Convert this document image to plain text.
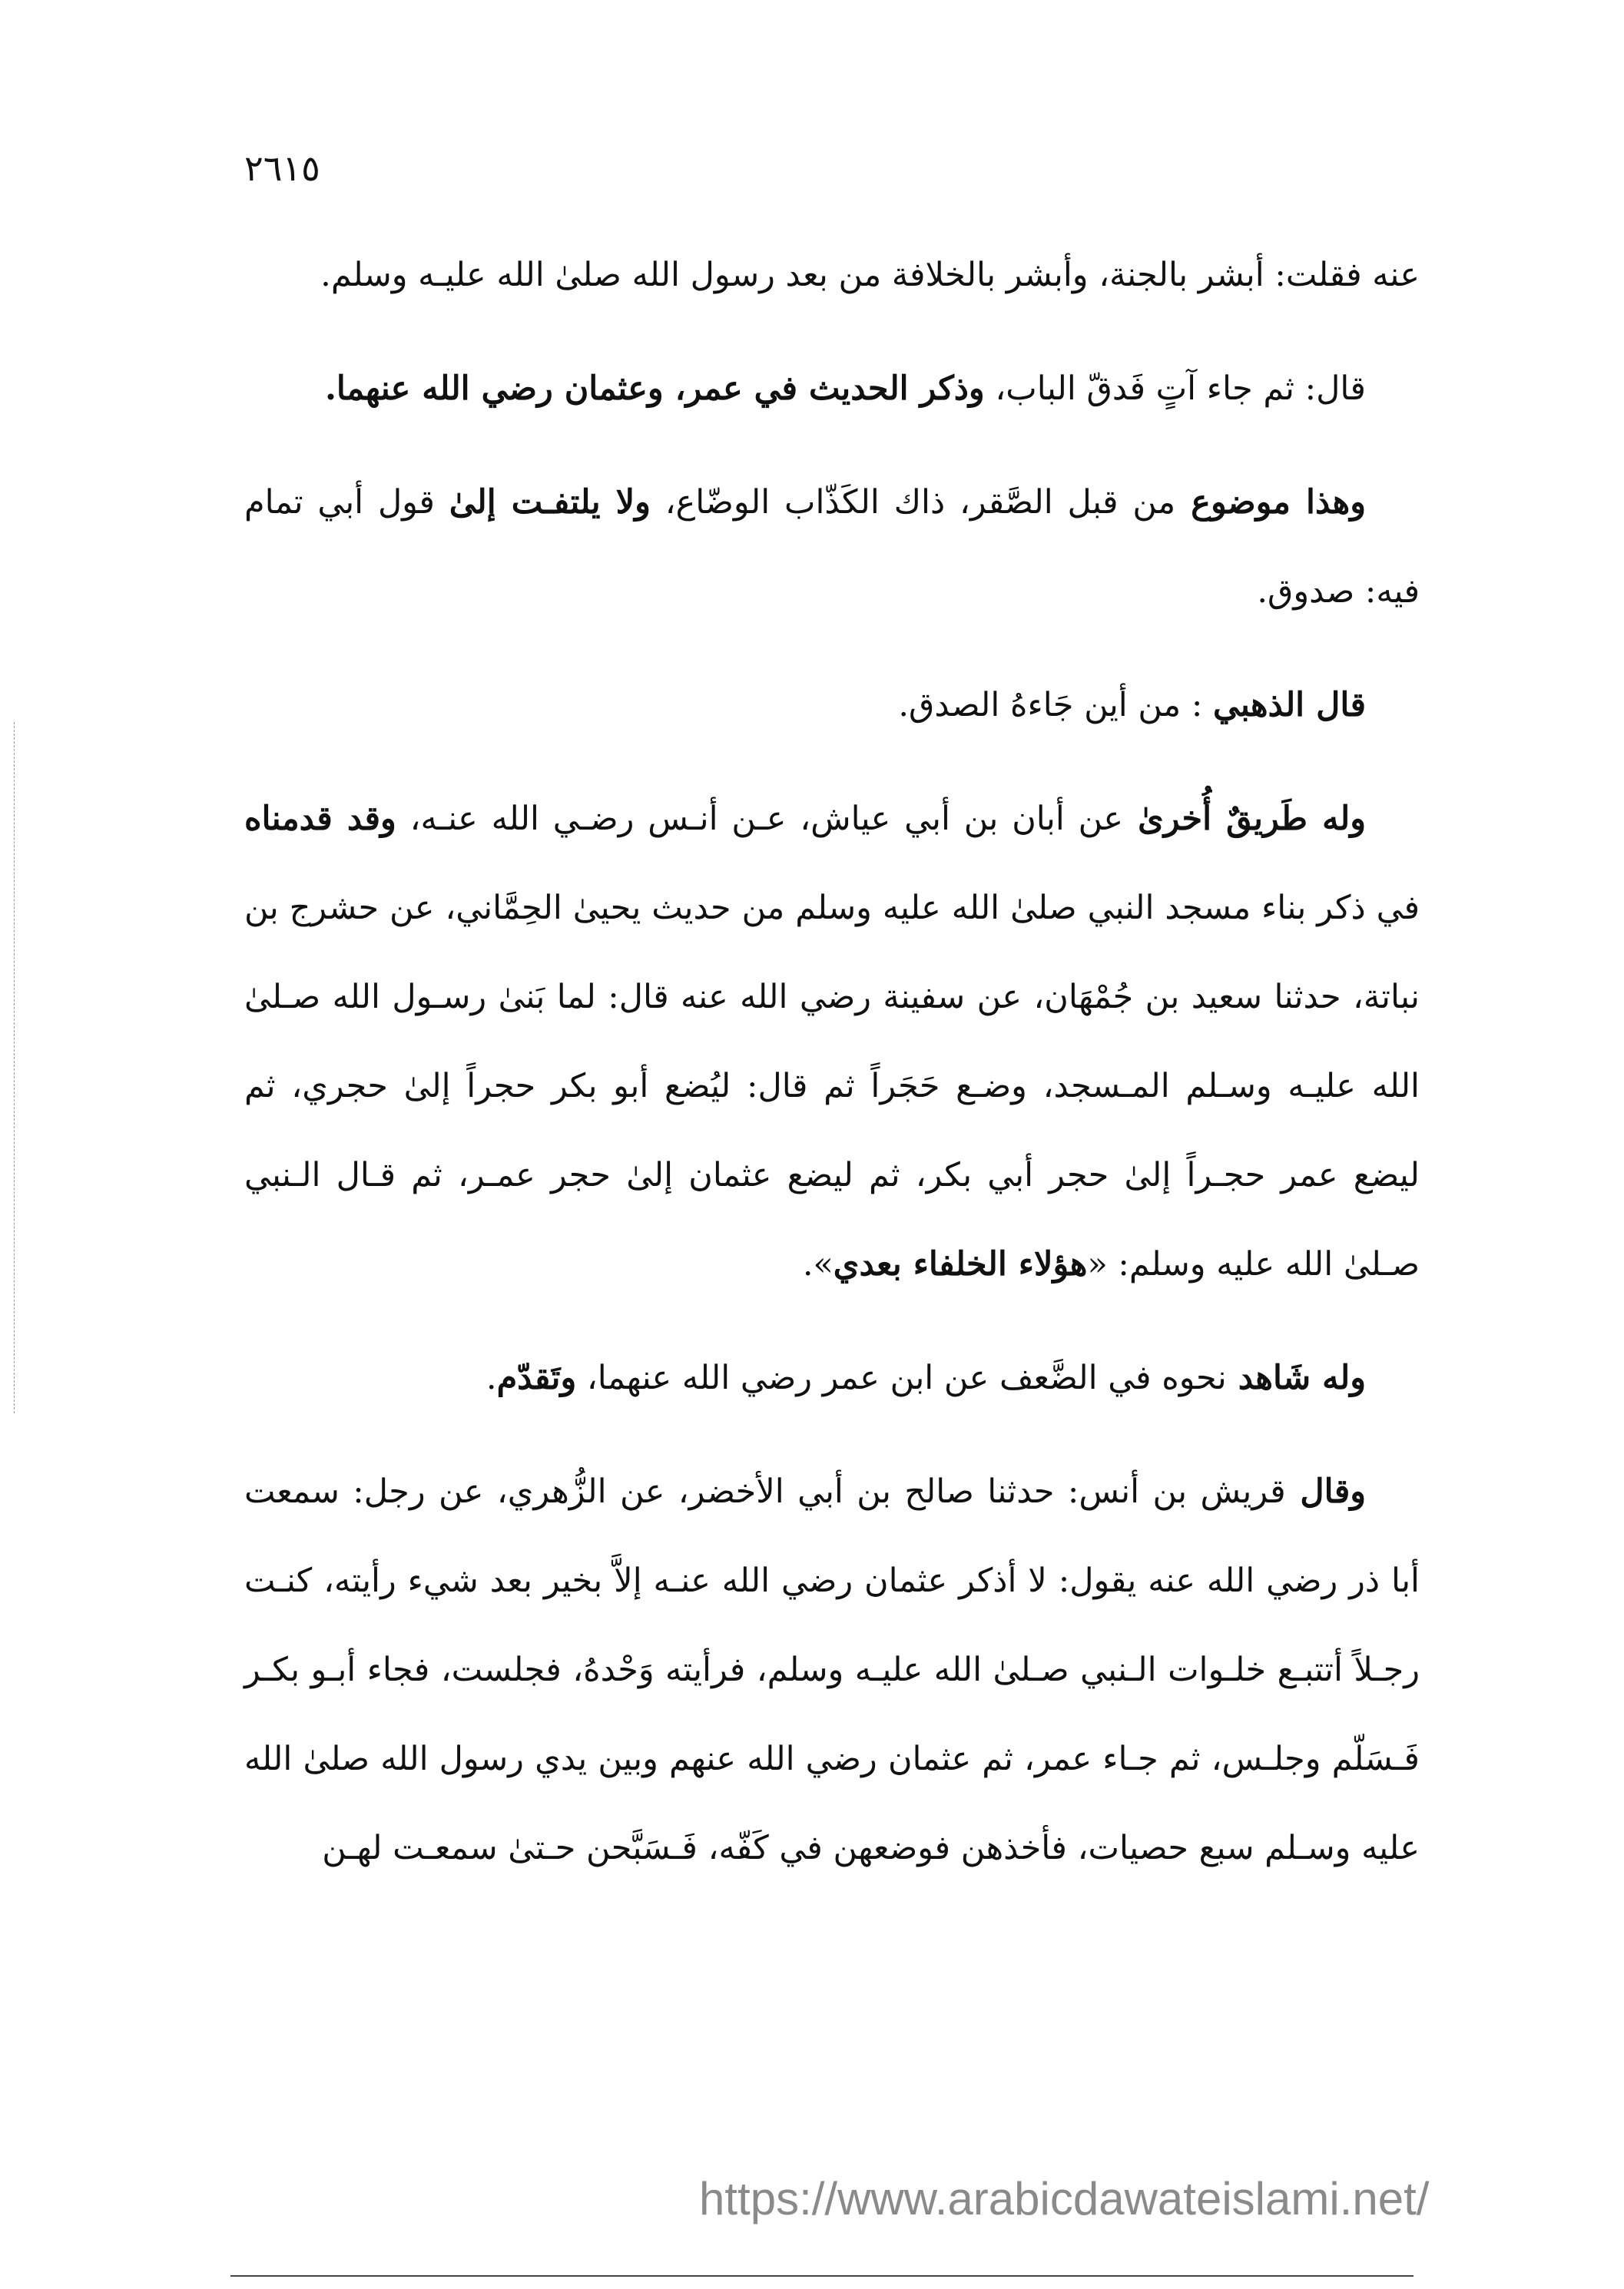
٢٦١٥
عنه فقلت: أبشر بالجنة، وأبشر بالخلافة من بعد رسول الله صلىٰ الله عليـه وسلم.
قال: ثم جاء آتٍ فَدقّ الباب، وذكر الحديث في عمر، وعثمان رضي الله عنهما.
وهذا موضوع من قبل الصَّقر، ذاك الكَذّاب الوضّاع، ولا يلتفـت إلىٰ قول أبي تمام فيه: صدوق.
قال الذهبي : من أين جَاءهُ الصدق.
وله طَريقٌ أُخرىٰ عن أبان بن أبي عياش، عـن أنـس رضـي الله عنـه، وقد قدمناه في ذكر بناء مسجد النبي صلىٰ الله عليه وسلم من حديث يحيىٰ الحِمَّاني، عن حشرج بن نباتة، حدثنا سعيد بن جُمْهَان، عن سفينة رضي الله عنه قال: لما بَنىٰ رسـول الله صـلىٰ الله عليـه وسـلم المـسجد، وضـع حَجَراً ثم قال: ليُضع أبو بكر حجراً إلىٰ حجري، ثم ليضع عمر حجـراً إلىٰ حجر أبي بكر، ثم ليضع عثمان إلىٰ حجر عمـر، ثم قـال الـنبي صـلىٰ الله عليه وسلم: «هؤلاء الخلفاء بعدي».
وله شَاهد نحوه في الضَّعف عن ابن عمر رضي الله عنهما، وتَقدّم.
وقال قريش بن أنس: حدثنا صالح بن أبي الأخضر، عن الزُّهري، عن رجل: سمعت أبا ذر رضي الله عنه يقول: لا أذكر عثمان رضي الله عنـه إلاَّ بخير بعد شيء رأيته، كنـت رجـلاً أتتبـع خلـوات الـنبي صـلىٰ الله عليـه وسلم، فرأيته وَحْدهُ، فجلست، فجاء أبـو بكـر فَـسَلّم وجلـس، ثم جـاء عمر، ثم عثمان رضي الله عنهم وبين يدي رسول الله صلىٰ الله عليه وسـلم سبع حصيات، فأخذهن فوضعهن في كَفّه، فَـسَبَّحن حـتىٰ سمعـت لهـن
https://www.arabicdawateislami.net/
